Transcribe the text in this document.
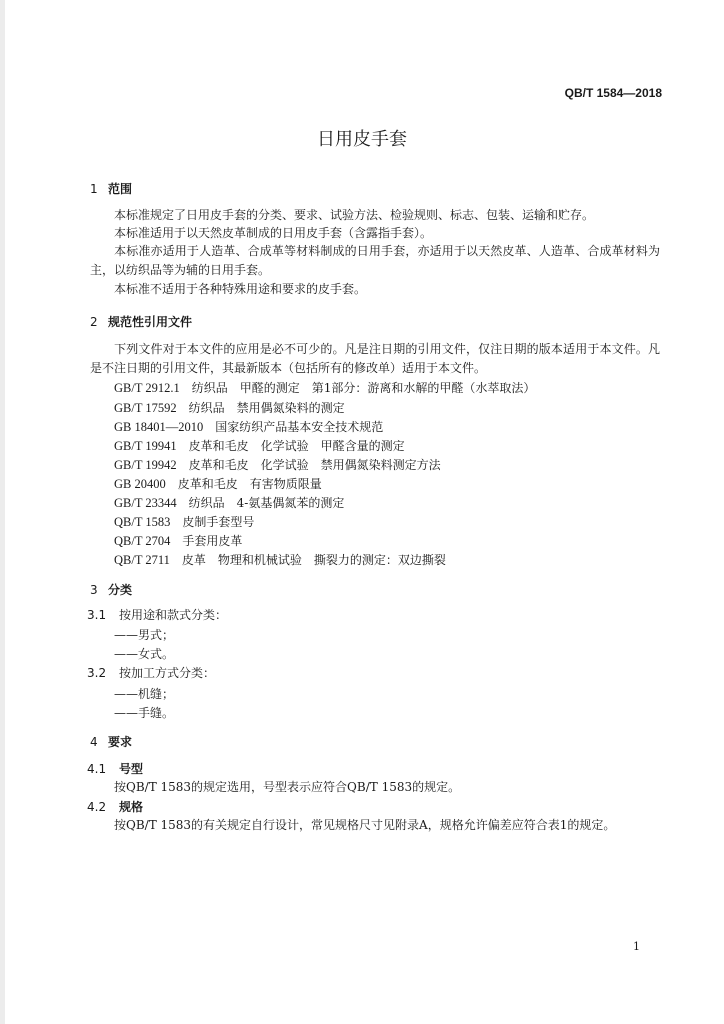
QB/T 1584—2018
日用皮手套
1 范围
本标准规定了日用皮手套的分类、要求、试验方法、检验规则、标志、包装、运输和贮存。
本标准适用于以天然皮革制成的日用皮手套（含露指手套）。
本标准亦适用于人造革、合成革等材料制成的日用手套，亦适用于以天然皮革、人造革、合成革材料为主，以纺织品等为辅的日用手套。
本标准不适用于各种特殊用途和要求的皮手套。
2 规范性引用文件
下列文件对于本文件的应用是必不可少的。凡是注日期的引用文件，仅注日期的版本适用于本文件。凡是不注日期的引用文件，其最新版本（包括所有的修改单）适用于本文件。
GB/T 2912.1　纺织品　甲醛的测定　第1部分：游离和水解的甲醛（水萃取法）
GB/T 17592　纺织品　禁用偶氮染料的测定
GB 18401—2010　国家纺织产品基本安全技术规范
GB/T 19941　皮革和毛皮　化学试验　甲醛含量的测定
GB/T 19942　皮革和毛皮　化学试验　禁用偶氮染料测定方法
GB 20400　皮革和毛皮　有害物质限量
GB/T 23344　纺织品　4-氨基偶氮苯的测定
QB/T 1583　皮制手套型号
QB/T 2704　手套用皮革
QB/T 2711　皮革　物理和机械试验　撕裂力的测定：双边撕裂
3 分类
3.1 按用途和款式分类：
——男式；
——女式。
3.2 按加工方式分类：
——机缝；
——手缝。
4 要求
4.1 号型
按QB/T 1583的规定选用，号型表示应符合QB/T 1583的规定。
4.2 规格
按QB/T 1583的有关规定自行设计，常见规格尺寸见附录A，规格允许偏差应符合表1的规定。
1
